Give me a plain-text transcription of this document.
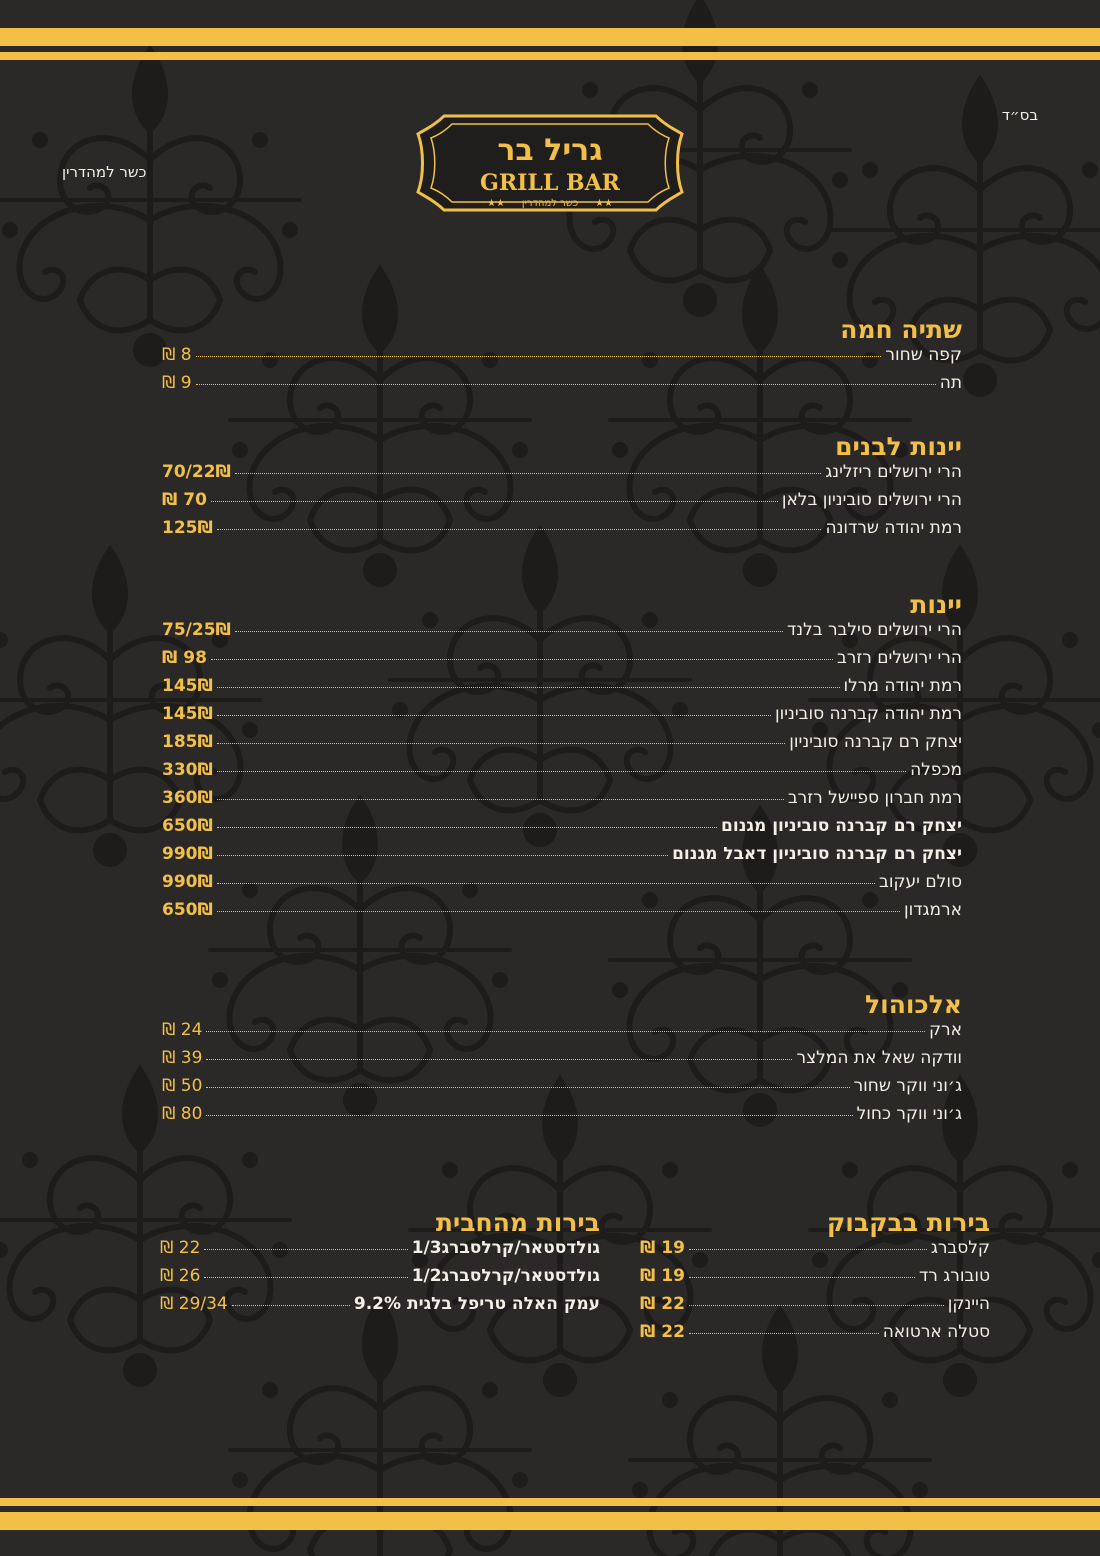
בס״ד
כשר למהדרין
גריל בר
GRILL BAR
כשר למהדרין
★★	★★
שתיה חמה
קפה שחור
8 ₪
תה
9 ₪
יינות לבנים
הרי ירושלים ריזלינג
70/22₪
הרי ירושלים סוביניון בלאן
70 ₪
רמת יהודה שרדונה
125₪
יינות
הרי ירושלים סילבר בלנד
75/25₪
הרי ירושלים רזרב
98 ₪
רמת יהודה מרלו
145₪
רמת יהודה קברנה סוביניון
145₪
יצחק רם קברנה סוביניון
185₪
מכפלה
330₪
רמת חברון ספיישל רזרב
360₪
יצחק רם קברנה סוביניון מגנום
650₪
יצחק רם קברנה סוביניון דאבל מגנום
990₪
סולם יעקוב
990₪
ארמגדון
650₪
אלכוהול
ארק
24 ₪
וודקה שאל את המלצר
39 ₪
ג׳וני ווקר שחור
50 ₪
ג׳וני ווקר כחול
80 ₪
בירות בבקבוק
קלסברג
19 ₪
טובורג רד
19 ₪
היינקן
22 ₪
סטלה ארטואה
22 ₪
בירות מהחבית
גולדסטאר/קרלסברג1/3
22 ₪
גולדסטאר/קרלסברג1/2
26 ₪
עמק האלה טריפל בלגית 9.2%
29/34 ₪
